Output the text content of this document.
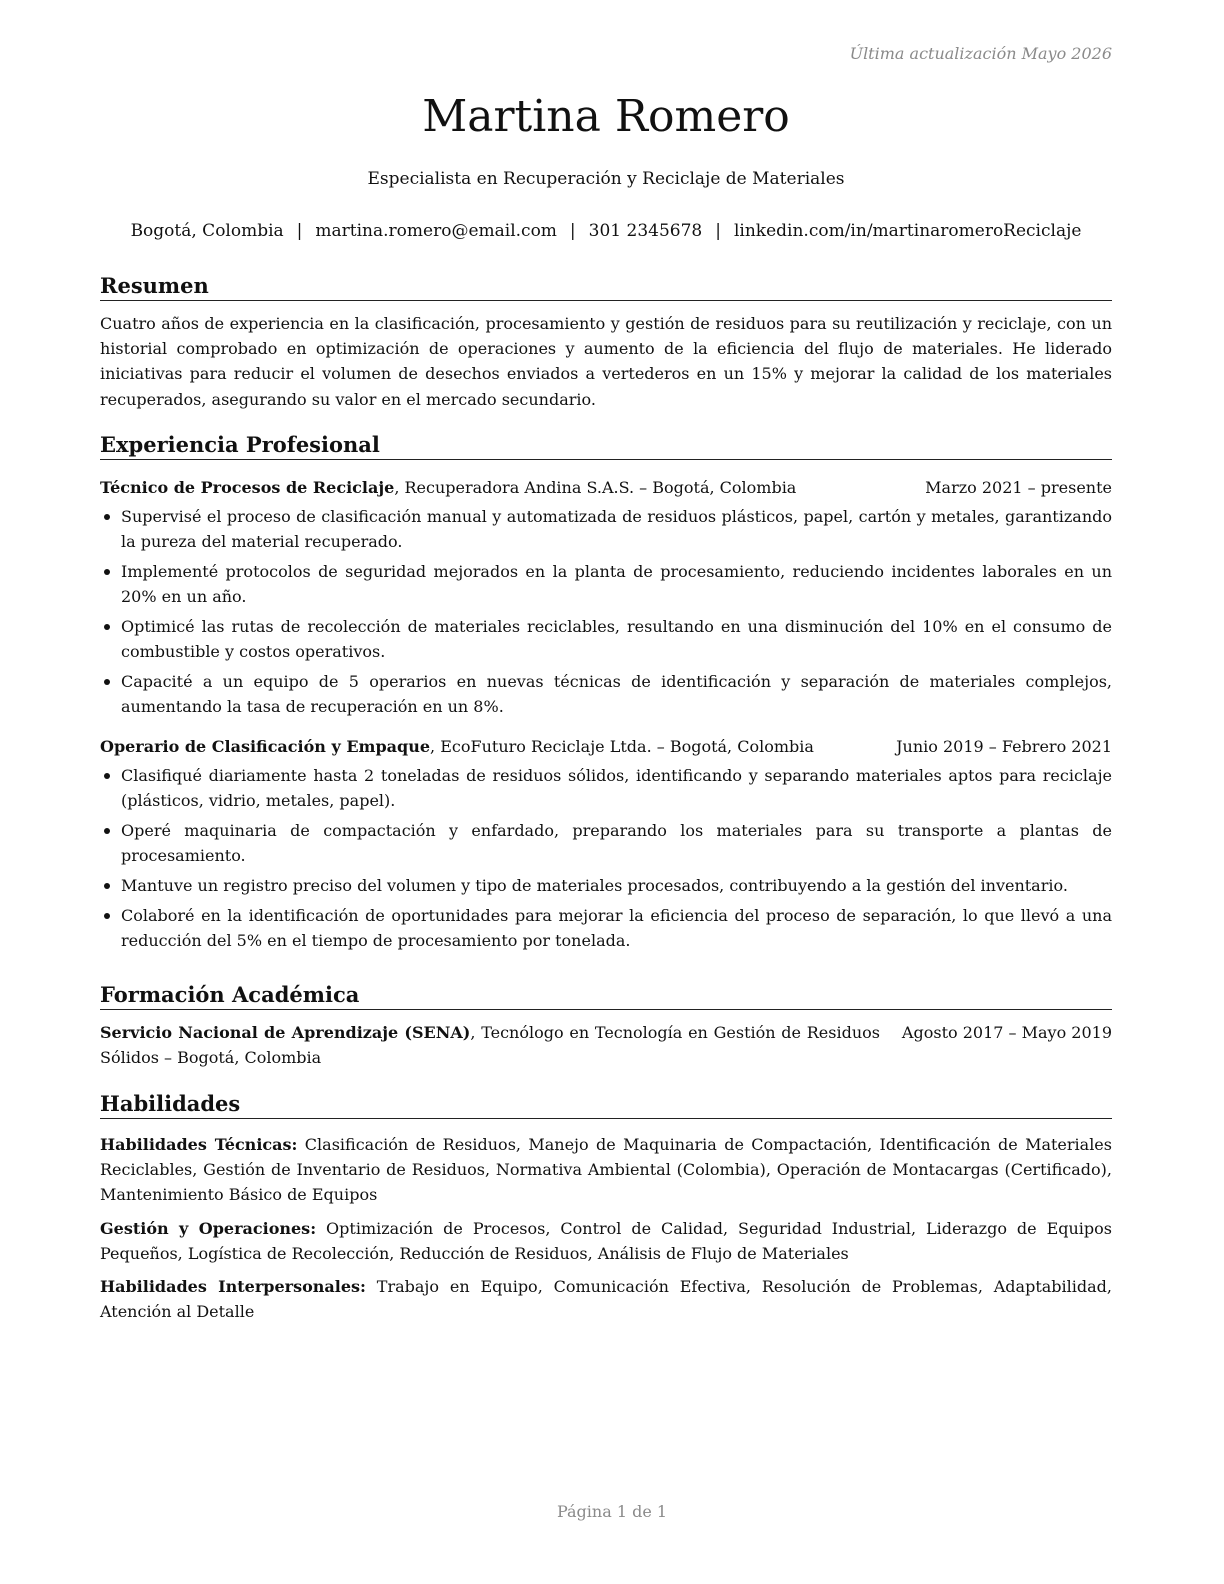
Última actualización Mayo 2026
Martina Romero
Especialista en Recuperación y Reciclaje de Materiales
Bogotá, Colombia | martina.romero@email.com | 301 2345678 | linkedin.com/in/martinaromeroReciclaje
Resumen

Cuatro años de experiencia en la clasificación, procesamiento y gestión de residuos para su reutilización y reciclaje, con un historial comprobado en optimización de operaciones y aumento de la eficiencia del flujo de materiales. He liderado iniciativas para reducir el volumen de desechos enviados a vertederos en un 15% y mejorar la calidad de los materiales recuperados, asegurando su valor en el mercado secundario.

Experiencia Profesional
Técnico de Procesos de Reciclaje, Recuperadora Andina S.A.S. – Bogotá, Colombia	Marzo 2021 – presente
Supervisé el proceso de clasificación manual y automatizada de residuos plásticos, papel, cartón y metales, garantizando la pureza del material recuperado.
Implementé protocolos de seguridad mejorados en la planta de procesamiento, reduciendo incidentes laborales en un 20% en un año.
Optimicé las rutas de recolección de materiales reciclables, resultando en una disminución del 10% en el consumo de combustible y costos operativos.
Capacité a un equipo de 5 operarios en nuevas técnicas de identificación y separación de materiales complejos, aumentando la tasa de recuperación en un 8%.
Operario de Clasificación y Empaque, EcoFuturo Reciclaje Ltda. – Bogotá, Colombia	Junio 2019 – Febrero 2021
Clasifiqué diariamente hasta 2 toneladas de residuos sólidos, identificando y separando materiales aptos para reciclaje (plásticos, vidrio, metales, papel).
Operé maquinaria de compactación y enfardado, preparando los materiales para su transporte a plantas de procesamiento.
Mantuve un registro preciso del volumen y tipo de materiales procesados, contribuyendo a la gestión del inventario.
Colaboré en la identificación de oportunidades para mejorar la eficiencia del proceso de separación, lo que llevó a una reducción del 5% en el tiempo de procesamiento por tonelada.
Formación Académica
Servicio Nacional de Aprendizaje (SENA), Tecnólogo en Tecnología en Gestión de Residuos Sólidos – Bogotá, Colombia
Agosto 2017 – Mayo 2019
Habilidades

Habilidades Técnicas: Clasificación de Residuos, Manejo de Maquinaria de Compactación, Identificación de Materiales Reciclables, Gestión de Inventario de Residuos, Normativa Ambiental (Colombia), Operación de Montacargas (Certificado), Mantenimiento Básico de Equipos

Gestión y Operaciones: Optimización de Procesos, Control de Calidad, Seguridad Industrial, Liderazgo de Equipos Pequeños, Logística de Recolección, Reducción de Residuos, Análisis de Flujo de Materiales

Habilidades Interpersonales: Trabajo en Equipo, Comunicación Efectiva, Resolución de Problemas, Adaptabilidad, Atención al Detalle

Página 1 de 1
